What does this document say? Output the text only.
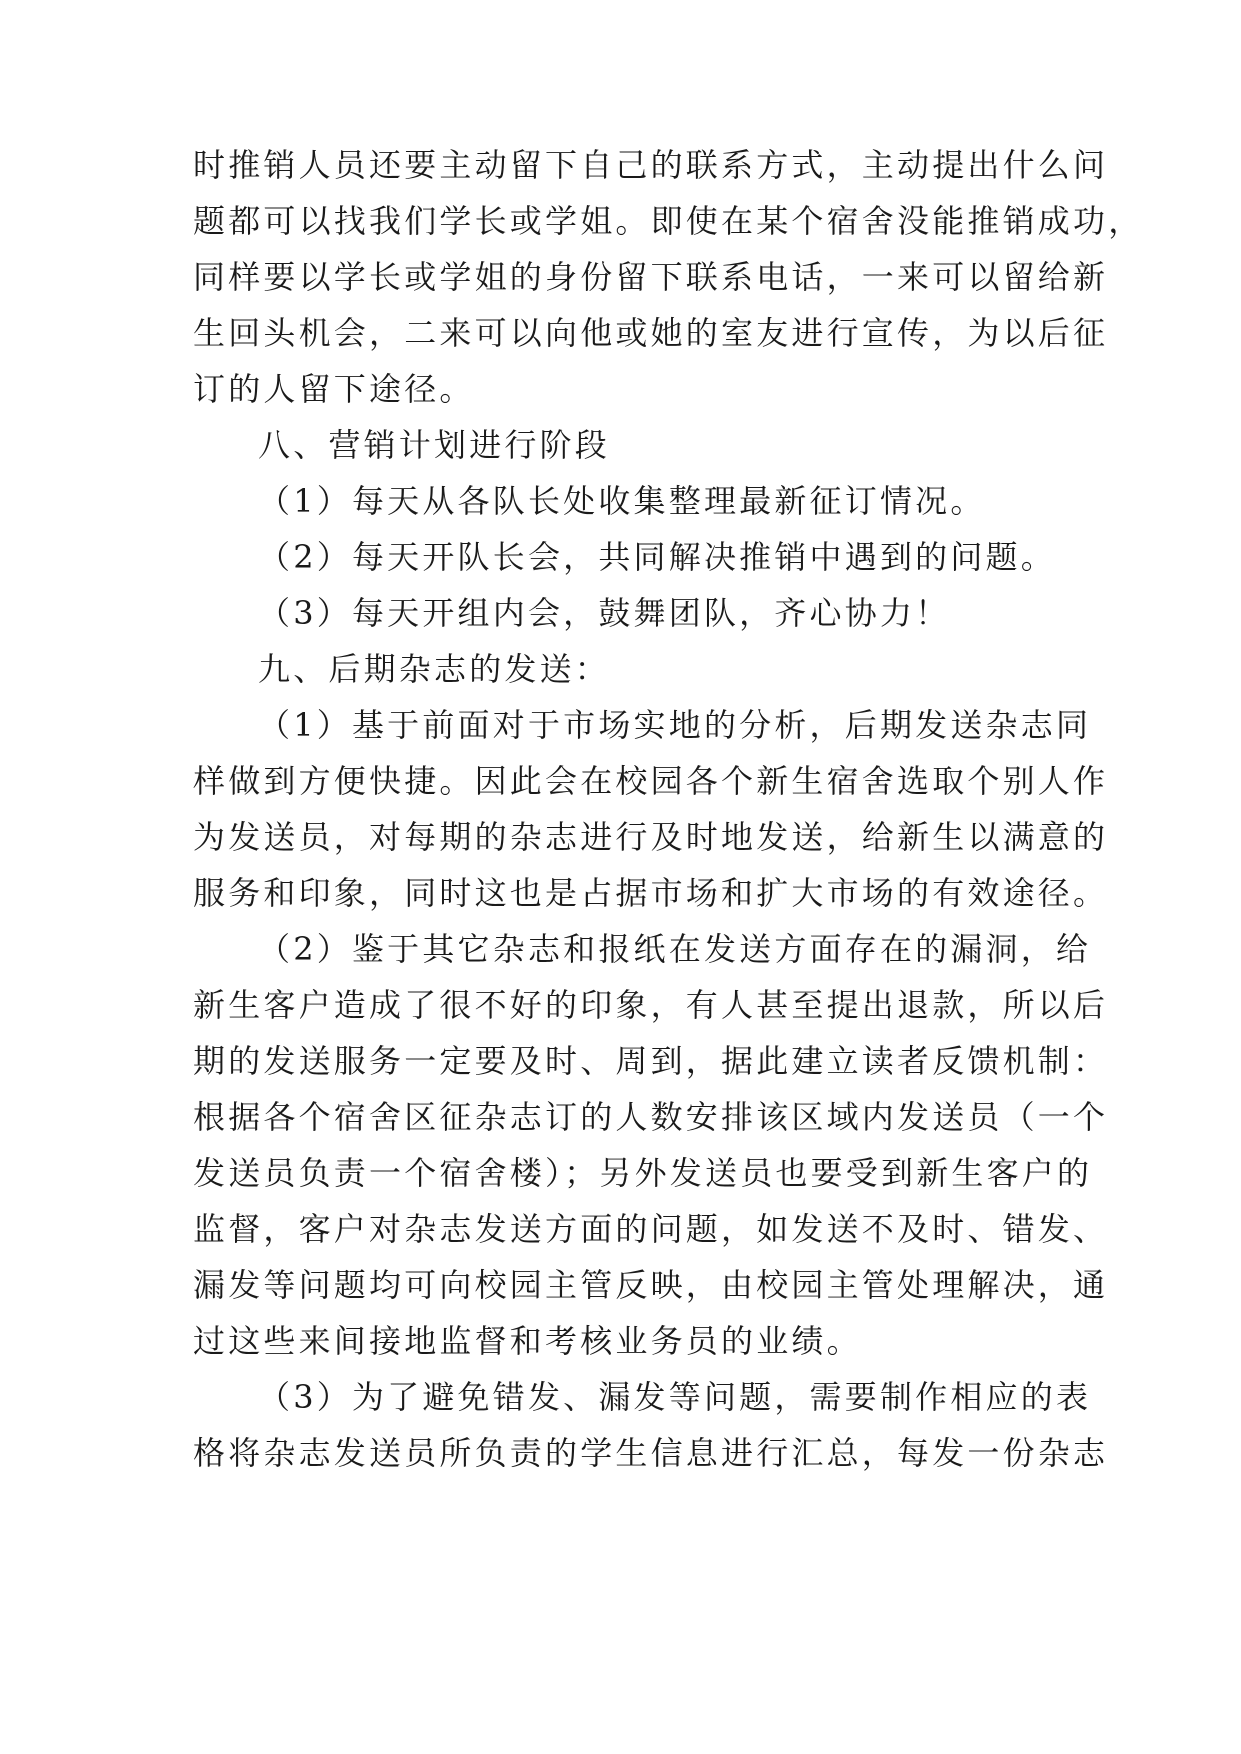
时推销人员还要主动留下自己的联系方式，主动提出什么问
题都可以找我们学长或学姐。即使在某个宿舍没能推销成功，
同样要以学长或学姐的身份留下联系电话，一来可以留给新
生回头机会，二来可以向他或她的室友进行宣传，为以后征
订的人留下途径。
八、营销计划进行阶段
（1）每天从各队长处收集整理最新征订情况。
（2）每天开队长会，共同解决推销中遇到的问题。
（3）每天开组内会，鼓舞团队，齐心协力！
九、后期杂志的发送：
（1）基于前面对于市场实地的分析，后期发送杂志同
样做到方便快捷。因此会在校园各个新生宿舍选取个别人作
为发送员，对每期的杂志进行及时地发送，给新生以满意的
服务和印象，同时这也是占据市场和扩大市场的有效途径。
（2）鉴于其它杂志和报纸在发送方面存在的漏洞，给
新生客户造成了很不好的印象，有人甚至提出退款，所以后
期的发送服务一定要及时、周到，据此建立读者反馈机制：
根据各个宿舍区征杂志订的人数安排该区域内发送员（一个
发送员负责一个宿舍楼）；另外发送员也要受到新生客户的
监督，客户对杂志发送方面的问题，如发送不及时、错发、
漏发等问题均可向校园主管反映，由校园主管处理解决，通
过这些来间接地监督和考核业务员的业绩。
（3）为了避免错发、漏发等问题，需要制作相应的表
格将杂志发送员所负责的学生信息进行汇总，每发一份杂志
